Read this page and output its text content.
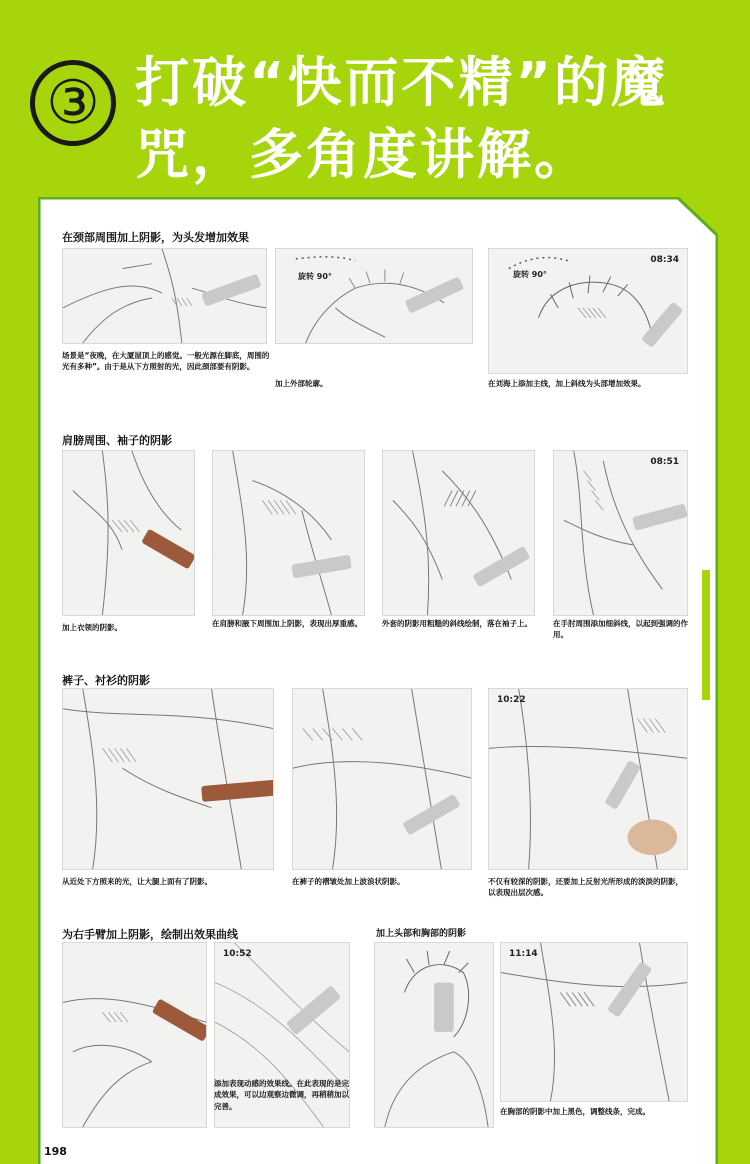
③ 打破“快而不精”的魔
咒，多角度讲解。
在颈部周围加上阴影，为头发增加效果
旋转 90°
08:34
旋转 90°
场景是“夜晚，在大厦屋顶上的感觉。一般光源在脚底，周围的光有多种”。由于是从下方照射的光，因此颈部要有阴影。
加上外部轮廓。	在刘海上添加主线，加上斜线为头部增加效果。
肩膀周围、袖子的阴影
08:51
加上衣领的阴影。	在肩膀和腋下周围加上阴影，表现出厚重感。	外套的阴影用粗糙的斜线绘制，落在袖子上。	在手肘周围添加细斜线，以起到强调的作用。
裤子、衬衫的阴影
10:22
从近处下方照来的光，让大腿上面有了阴影。	在裤子的褶皱处加上波浪状阴影。	不仅有较深的阴影，还要加上反射光所形成的淡淡的阴影，以表现出层次感。
为右手臂加上阴影，绘制出效果曲线	加上头部和胸部的阴影
10:52	11:14
添加表现动感的效果线。在此表现的是完成效果，可以边观察边微调，再稍稍加以完善。
在胸部的阴影中加上黑色，调整线条，完成。
198
